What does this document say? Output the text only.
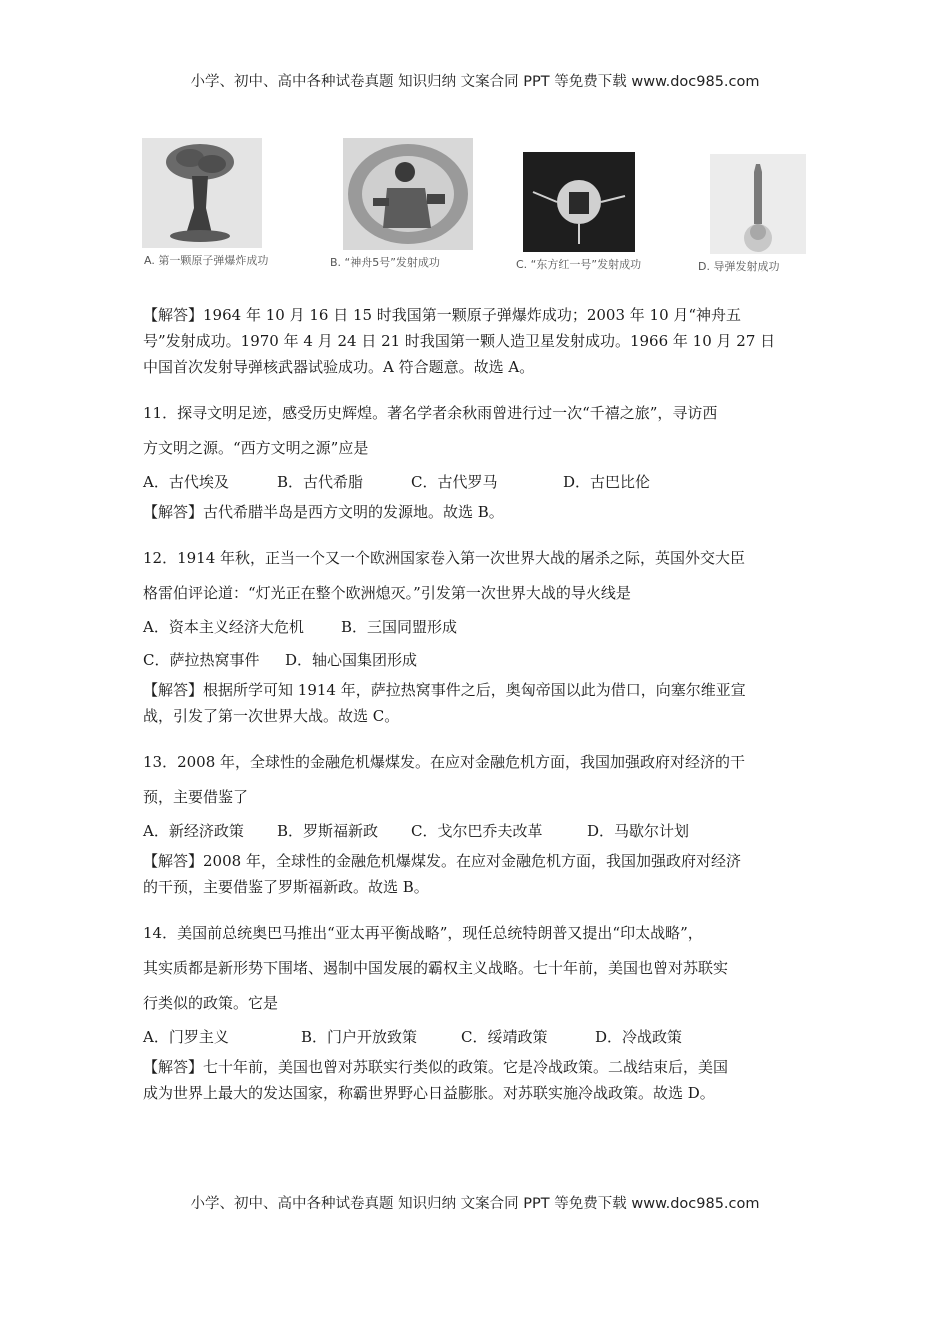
小学、初中、高中各种试卷真题 知识归纳 文案合同 PPT 等免费下载 www.doc985.com
A. 第一颗原子弹爆炸成功	B. “神舟5号”发射成功	C. “东方红一号”发射成功	D. 导弹发射成功

【解答】1964 年 10 月 16 日 15 时我国第一颗原子弹爆炸成功；2003 年 10 月“神舟五

号”发射成功。1970 年 4 月 24 日 21 时我国第一颗人造卫星发射成功。1966 年 10 月 27 日

中国首次发射导弹核武器试验成功。A 符合题意。故选 A。

11．探寻文明足迹，感受历史辉煌。著名学者余秋雨曾进行过一次“千禧之旅”，寻访西

方文明之源。“西方文明之源”应是

A．古代埃及	B．古代希脂	C．古代罗马	D．古巴比伦

【解答】古代希腊半岛是西方文明的发源地。故选 B。

12．1914 年秋，正当一个又一个欧洲国家卷入第一次世界大战的屠杀之际，英国外交大臣

格雷伯评论道：“灯光正在整个欧洲熄灭。”引发第一次世界大战的导火线是

A．资本主义经济大危机 B．三国同盟形成

C．萨拉热窝事件 D．轴心国集团形成

【解答】根据所学可知 1914 年，萨拉热窝事件之后，奥匈帝国以此为借口，向塞尔维亚宣

战，引发了第一次世界大战。故选 C。

13．2008 年，全球性的金融危机爆煤发。在应对金融危机方面，我国加强政府对经济的干

预，主要借鉴了

A．新经济政策 B．罗斯福新政 C．戈尔巴乔夫改革	D．马歇尔计划

【解答】2008 年，全球性的金融危机爆煤发。在应对金融危机方面，我国加强政府对经济

的干预，主要借鉴了罗斯福新政。故选 B。

14．美国前总统奥巴马推出“亚太再平衡战略”，现任总统特朗普又提出“印太战略”，

其实质都是新形势下围堵、遏制中国发展的霸权主义战略。七十年前，美国也曾对苏联实

行类似的政策。它是

A．门罗主义	B．门户开放致策	C．绥靖政策	D．冷战政策

【解答】七十年前，美国也曾对苏联实行类似的政策。它是冷战政策。二战结束后，美国

成为世界上最大的发达国家，称霸世界野心日益膨胀。对苏联实施冷战政策。故选 D。

小学、初中、高中各种试卷真题 知识归纳 文案合同 PPT 等免费下载 www.doc985.com
